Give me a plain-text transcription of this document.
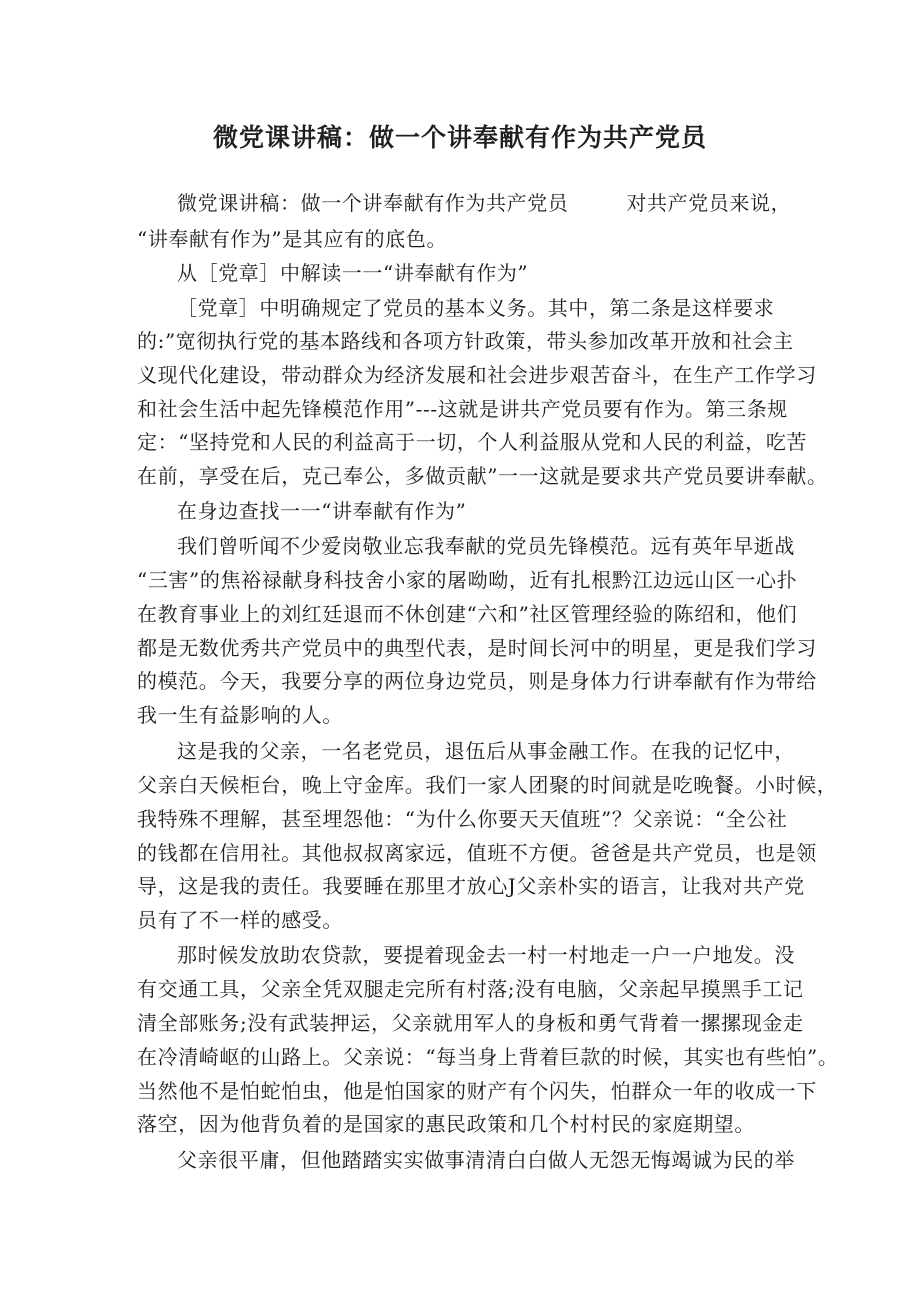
微党课讲稿：做一个讲奉献有作为共产党员
微党课讲稿：做一个讲奉献有作为共产党员	对共产党员来说，
“讲奉献有作为”是其应有的底色。
从［党章］中解读一一“讲奉献有作为”
［党章］中明确规定了党员的基本义务。其中，第二条是这样要求
的:”宽彻执行党的基本路线和各项方针政策，带头参加改革开放和社会主
义现代化建设，带动群众为经济发展和社会进步艰苦奋斗，在生产工作学习
和社会生活中起先锋模范作用”---这就是讲共产党员要有作为。第三条规
定：“坚持党和人民的利益高于一切，个人利益服从党和人民的利益，吃苦
在前，享受在后，克己奉公，多做贡献”一一这就是要求共产党员要讲奉献。
在身边查找一一“讲奉献有作为”
我们曾听闻不少爱岗敬业忘我奉献的党员先锋模范。远有英年早逝战
“三害”的焦裕禄献身科技舍小家的屠呦呦，近有扎根黔江边远山区一心扑
在教育事业上的刘红廷退而不休创建“六和”社区管理经验的陈绍和，他们
都是无数优秀共产党员中的典型代表，是时间长河中的明星，更是我们学习
的模范。今天，我要分享的两位身边党员，则是身体力行讲奉献有作为带给
我一生有益影响的人。
这是我的父亲，一名老党员，退伍后从事金融工作。在我的记忆中，
父亲白天候柜台，晚上守金库。我们一家人团聚的时间就是吃晚餐。小时候，
我特殊不理解，甚至埋怨他：“为什么你要天天值班”？父亲说：“全公社
的钱都在信用社。其他叔叔离家远，值班不方便。爸爸是共产党员，也是领
导，这是我的责任。我要睡在那里才放心J父亲朴实的语言，让我对共产党
员有了不一样的感受。
那时候发放助农贷款，要提着现金去一村一村地走一户一户地发。没
有交通工具，父亲全凭双腿走完所有村落;没有电脑，父亲起早摸黑手工记
清全部账务;没有武装押运，父亲就用军人的身板和勇气背着一摞摞现金走
在冷清崎岖的山路上。父亲说：“每当身上背着巨款的时候，其实也有些怕”。
当然他不是怕蛇怕虫，他是怕国家的财产有个闪失，怕群众一年的收成一下
落空，因为他背负着的是国家的惠民政策和几个村村民的家庭期望。
父亲很平庸，但他踏踏实实做事清清白白做人无怨无悔竭诚为民的举
